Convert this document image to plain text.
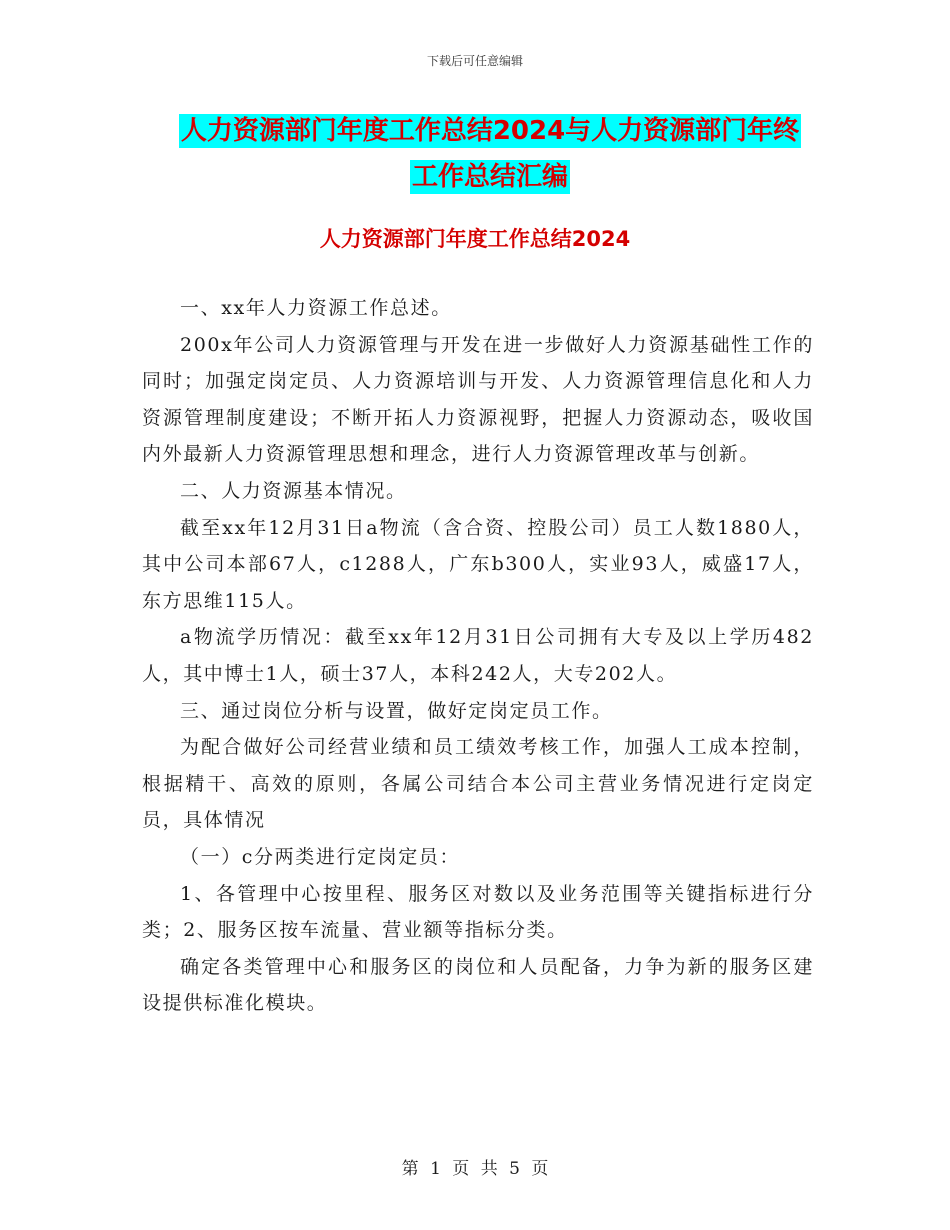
下载后可任意编辑
人力资源部门年度工作总结2024与人力资源部门年终
工作总结汇编
人力资源部门年度工作总结2024

一、xx年人力资源工作总述。

200x年公司人力资源管理与开发在进一步做好人力资源基础性工作的同时；加强定岗定员、人力资源培训与开发、人力资源管理信息化和人力资源管理制度建设；不断开拓人力资源视野，把握人力资源动态，吸收国内外最新人力资源管理思想和理念，进行人力资源管理改革与创新。

二、人力资源基本情况。

截至xx年12月31日a物流（含合资、控股公司）员工人数1880人，其中公司本部67人，c1288人，广东b300人，实业93人，威盛17人，东方思维115人。

a物流学历情况：截至xx年12月31日公司拥有大专及以上学历482人，其中博士1人，硕士37人，本科242人，大专202人。

三、通过岗位分析与设置，做好定岗定员工作。

为配合做好公司经营业绩和员工绩效考核工作，加强人工成本控制，根据精干、高效的原则，各属公司结合本公司主营业务情况进行定岗定员，具体情况

（一）c分两类进行定岗定员：

1、各管理中心按里程、服务区对数以及业务范围等关键指标进行分类；2、服务区按车流量、营业额等指标分类。

确定各类管理中心和服务区的岗位和人员配备，力争为新的服务区建设提供标准化模块。

第 1 页 共 5 页
